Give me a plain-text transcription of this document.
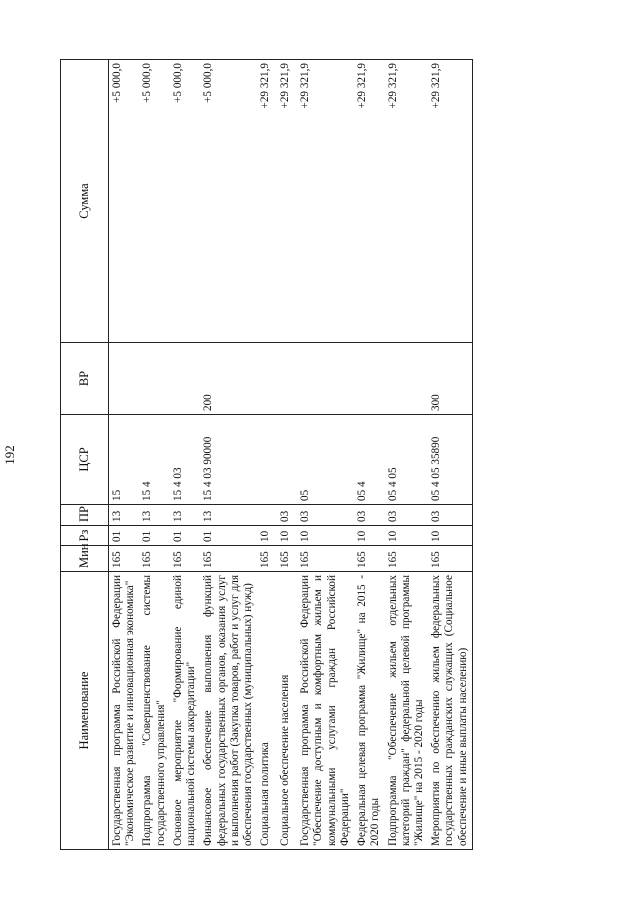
192
Наименование	Мин	Рз	ПР	ЦСР	ВР	Сумма
Государственная программа Российской Федерации "Экономическое развитие и инновационная экономика"	165	01	13	15		+5 000,0
Подпрограмма "Совершенствование системы государственного управления"	165	01	13	15 4		+5 000,0
Основное мероприятие "Формирование единой национальной системы аккредитации"	165	01	13	15 4 03		+5 000,0
Финансовое обеспечение выполнения функций федеральных государственных органов, оказания услуг и выполнения работ (Закупка товаров, работ и услуг для обеспечения государственных (муниципальных) нужд)	165	01	13	15 4 03 90000	200	+5 000,0
Социальная политика	165	10				+29 321,9
Социальное обеспечение населения	165	10	03			+29 321,9
Государственная программа Российской Федерации "Обеспечение доступным и комфортным жильем и коммунальными услугами граждан Российской Федерации"	165	10	03	05		+29 321,9
Федеральная целевая программа "Жилище" на 2015 - 2020 годы	165	10	03	05 4		+29 321,9
Подпрограмма "Обеспечение жильем отдельных категорий граждан" федеральной целевой программы "Жилище" на 2015 - 2020 годы	165	10	03	05 4 05		+29 321,9
Мероприятия по обеспечению жильем федеральных государственных гражданских служащих (Социальное обеспечение и иные выплаты населению)	165	10	03	05 4 05 35890	300	+29 321,9
